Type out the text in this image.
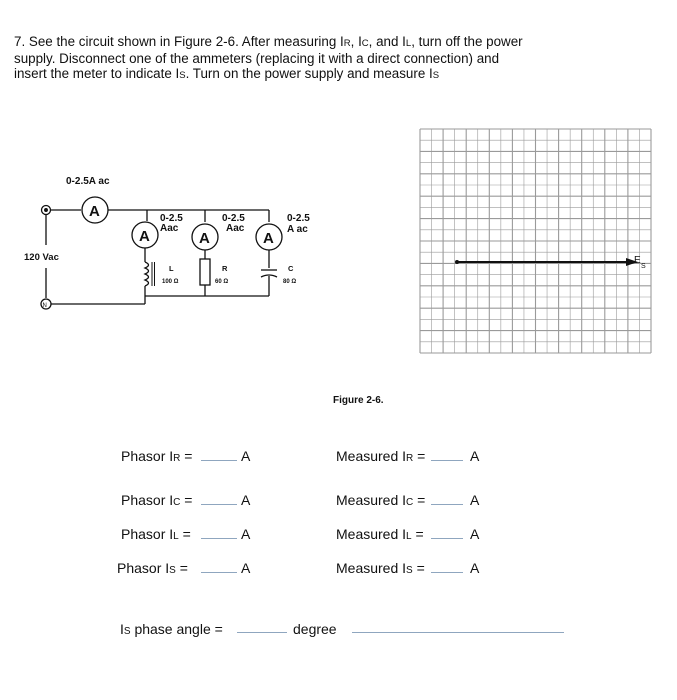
7. See the circuit shown in Figure 2-6. After measuring IR, IC, and IL, turn off the power supply. Disconnect one of the ammeters (replacing it with a direct connection) and insert the meter to indicate IS. Turn on the power supply and measure IS
0-2.5A ac
120 Vac
N
A
A	A	A
0-2.5
Aac
0-2.5
Aac
0-2.5
A ac
L
100 Ω
R
60 Ω
C
80 Ω
E
S
Figure 2-6.
Phasor IR =	A	Measured IR =	A
Phasor IC =	A	Measured IC =	A
Phasor IL =	A	Measured IL =	A
Phasor IS =	A	Measured IS =	A
IS phase angle =	degree
